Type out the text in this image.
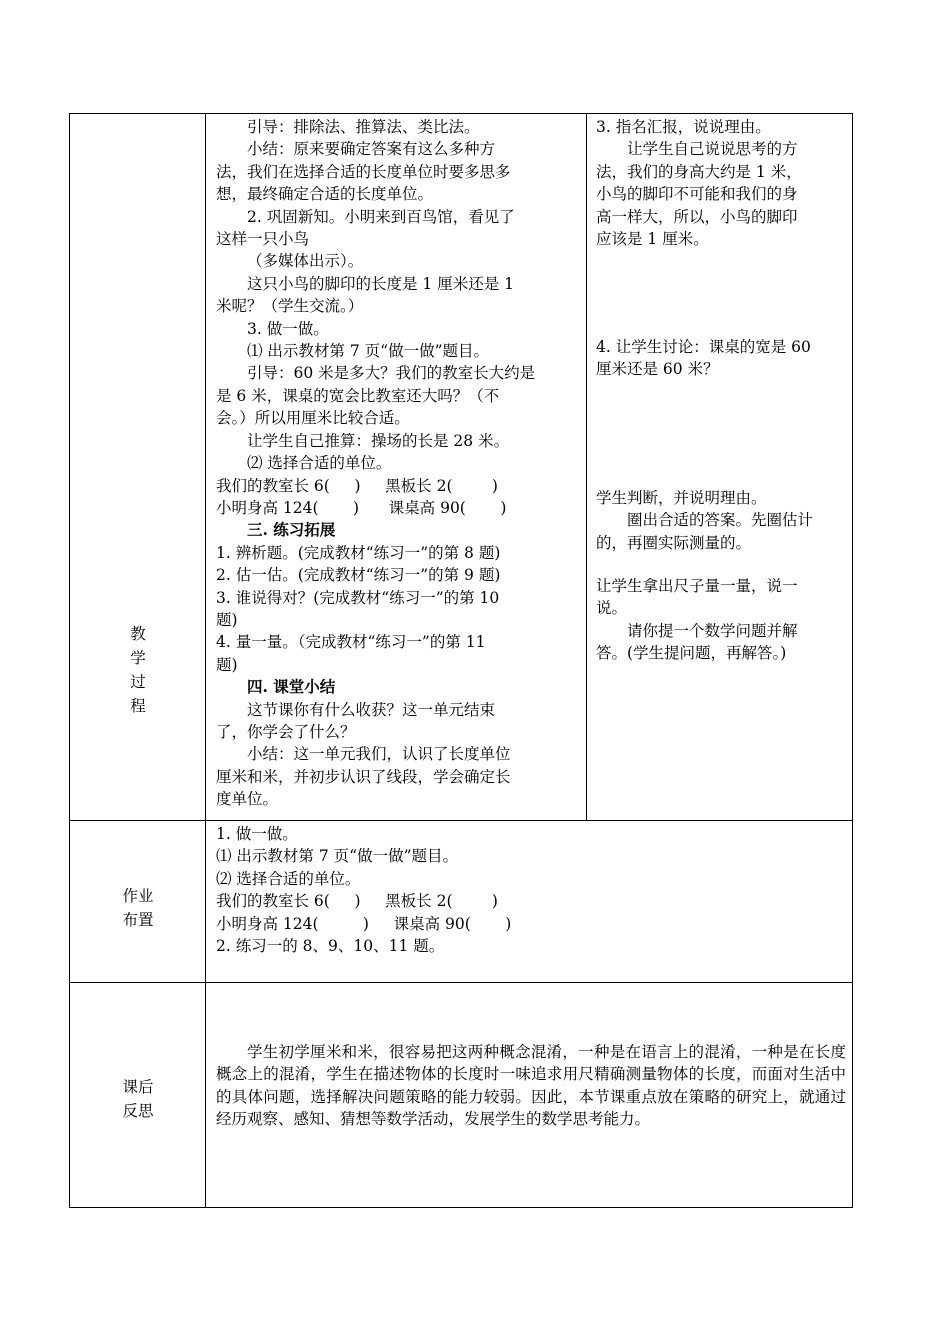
教
学
过
程
作业
布置
课后
反思

引导：排除法、推算法、类比法。

小结：原来要确定答案有这么多种方

法，我们在选择合适的长度单位时要多思多

想，最终确定合适的长度单位。

2. 巩固新知。小明来到百鸟馆，看见了

这样一只小鸟

（多媒体出示）。

这只小鸟的脚印的长度是 1 厘米还是 1

米呢？（学生交流。）

3. 做一做。

⑴ 出示教材第 7 页“做一做”题目。

引导：60 米是多大？我们的教室长大约是

是 6 米，课桌的宽会比教室还大吗？（不

会。）所以用厘米比较合适。

让学生自己推算：操场的长是 28 米。

⑵ 选择合适的单位。

我们的教室长 6(     )     黑板长 2(        )

小明身高 124(       )      课桌高 90(       )

三. 练习拓展

1. 辨析题。(完成教材“练习一”的第 8 题)

2. 估一估。(完成教材“练习一”的第 9 题)

3. 谁说得对？(完成教材“练习一”的第 10

题)

4. 量一量。（完成教材“练习一”的第 11

题)

四. 课堂小结

这节课你有什么收获？这一单元结束

了，你学会了什么？

小结：这一单元我们，认识了长度单位

厘米和米，并初步认识了线段，学会确定长

度单位。

3. 指名汇报，说说理由。

让学生自己说说思考的方

法，我们的身高大约是 1 米，

小鸟的脚印不可能和我们的身

高一样大，所以，小鸟的脚印

应该是 1 厘米。

4. 让学生讨论：课桌的宽是 60

厘米还是 60 米？

学生判断，并说明理由。

圈出合适的答案。先圈估计

的，再圈实际测量的。

让学生拿出尺子量一量，说一

说。

请你提一个数学问题并解

答。(学生提问题，再解答。)

1. 做一做。

⑴ 出示教材第 7 页“做一做”题目。

⑵ 选择合适的单位。

我们的教室长 6(     )     黑板长 2(        )

小明身高 124(         )     课桌高 90(       )

2. 练习一的 8、9、10、11 题。

学生初学厘米和米，很容易把这两种概念混淆，一种是在语言上的混淆，一种是在长度概念上的混淆，学生在描述物体的长度时一味追求用尺精确测量物体的长度，而面对生活中的具体问题，选择解决问题策略的能力较弱。因此，本节课重点放在策略的研究上，就通过经历观察、感知、猜想等数学活动，发展学生的数学思考能力。
